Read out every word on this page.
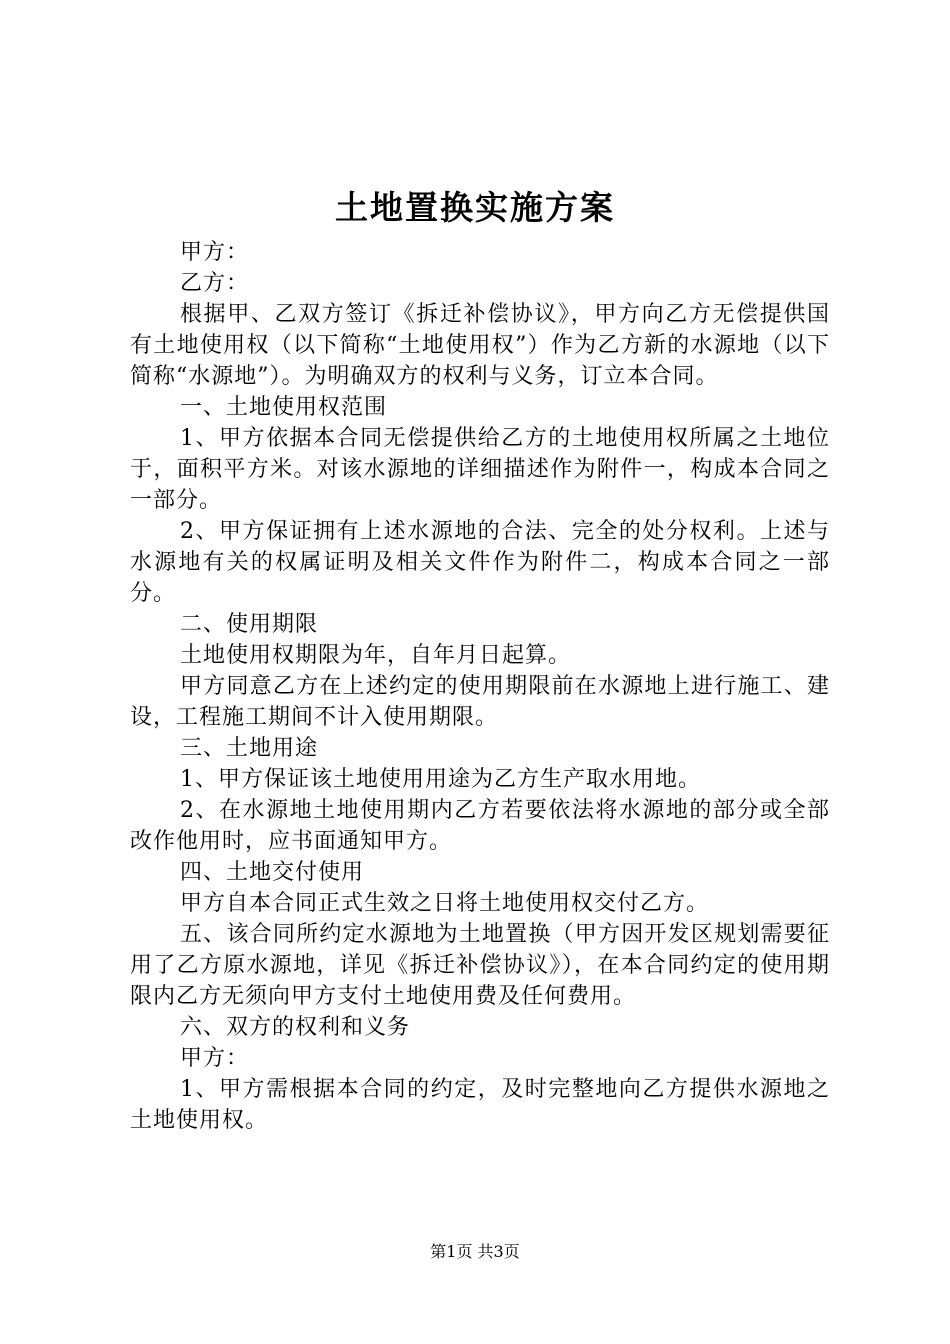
土地置换实施方案

甲方：

乙方：

根据甲、乙双方签订《拆迁补偿协议》，甲方向乙方无偿提供国有土地使用权（以下简称“土地使用权”）作为乙方新的水源地（以下简称“水源地”）。为明确双方的权利与义务，订立本合同。

一、土地使用权范围

1、甲方依据本合同无偿提供给乙方的土地使用权所属之土地位于，面积平方米。对该水源地的详细描述作为附件一，构成本合同之一部分。

2、甲方保证拥有上述水源地的合法、完全的处分权利。上述与水源地有关的权属证明及相关文件作为附件二，构成本合同之一部分。

二、使用期限

土地使用权期限为年，自年月日起算。

甲方同意乙方在上述约定的使用期限前在水源地上进行施工、建设，工程施工期间不计入使用期限。

三、土地用途

1、甲方保证该土地使用用途为乙方生产取水用地。

2、在水源地土地使用期内乙方若要依法将水源地的部分或全部改作他用时，应书面通知甲方。

四、土地交付使用

甲方自本合同正式生效之日将土地使用权交付乙方。

五、该合同所约定水源地为土地置换（甲方因开发区规划需要征用了乙方原水源地，详见《拆迁补偿协议》），在本合同约定的使用期限内乙方无须向甲方支付土地使用费及任何费用。

六、双方的权利和义务

甲方：

1、甲方需根据本合同的约定，及时完整地向乙方提供水源地之土地使用权。

第1页 共3页
